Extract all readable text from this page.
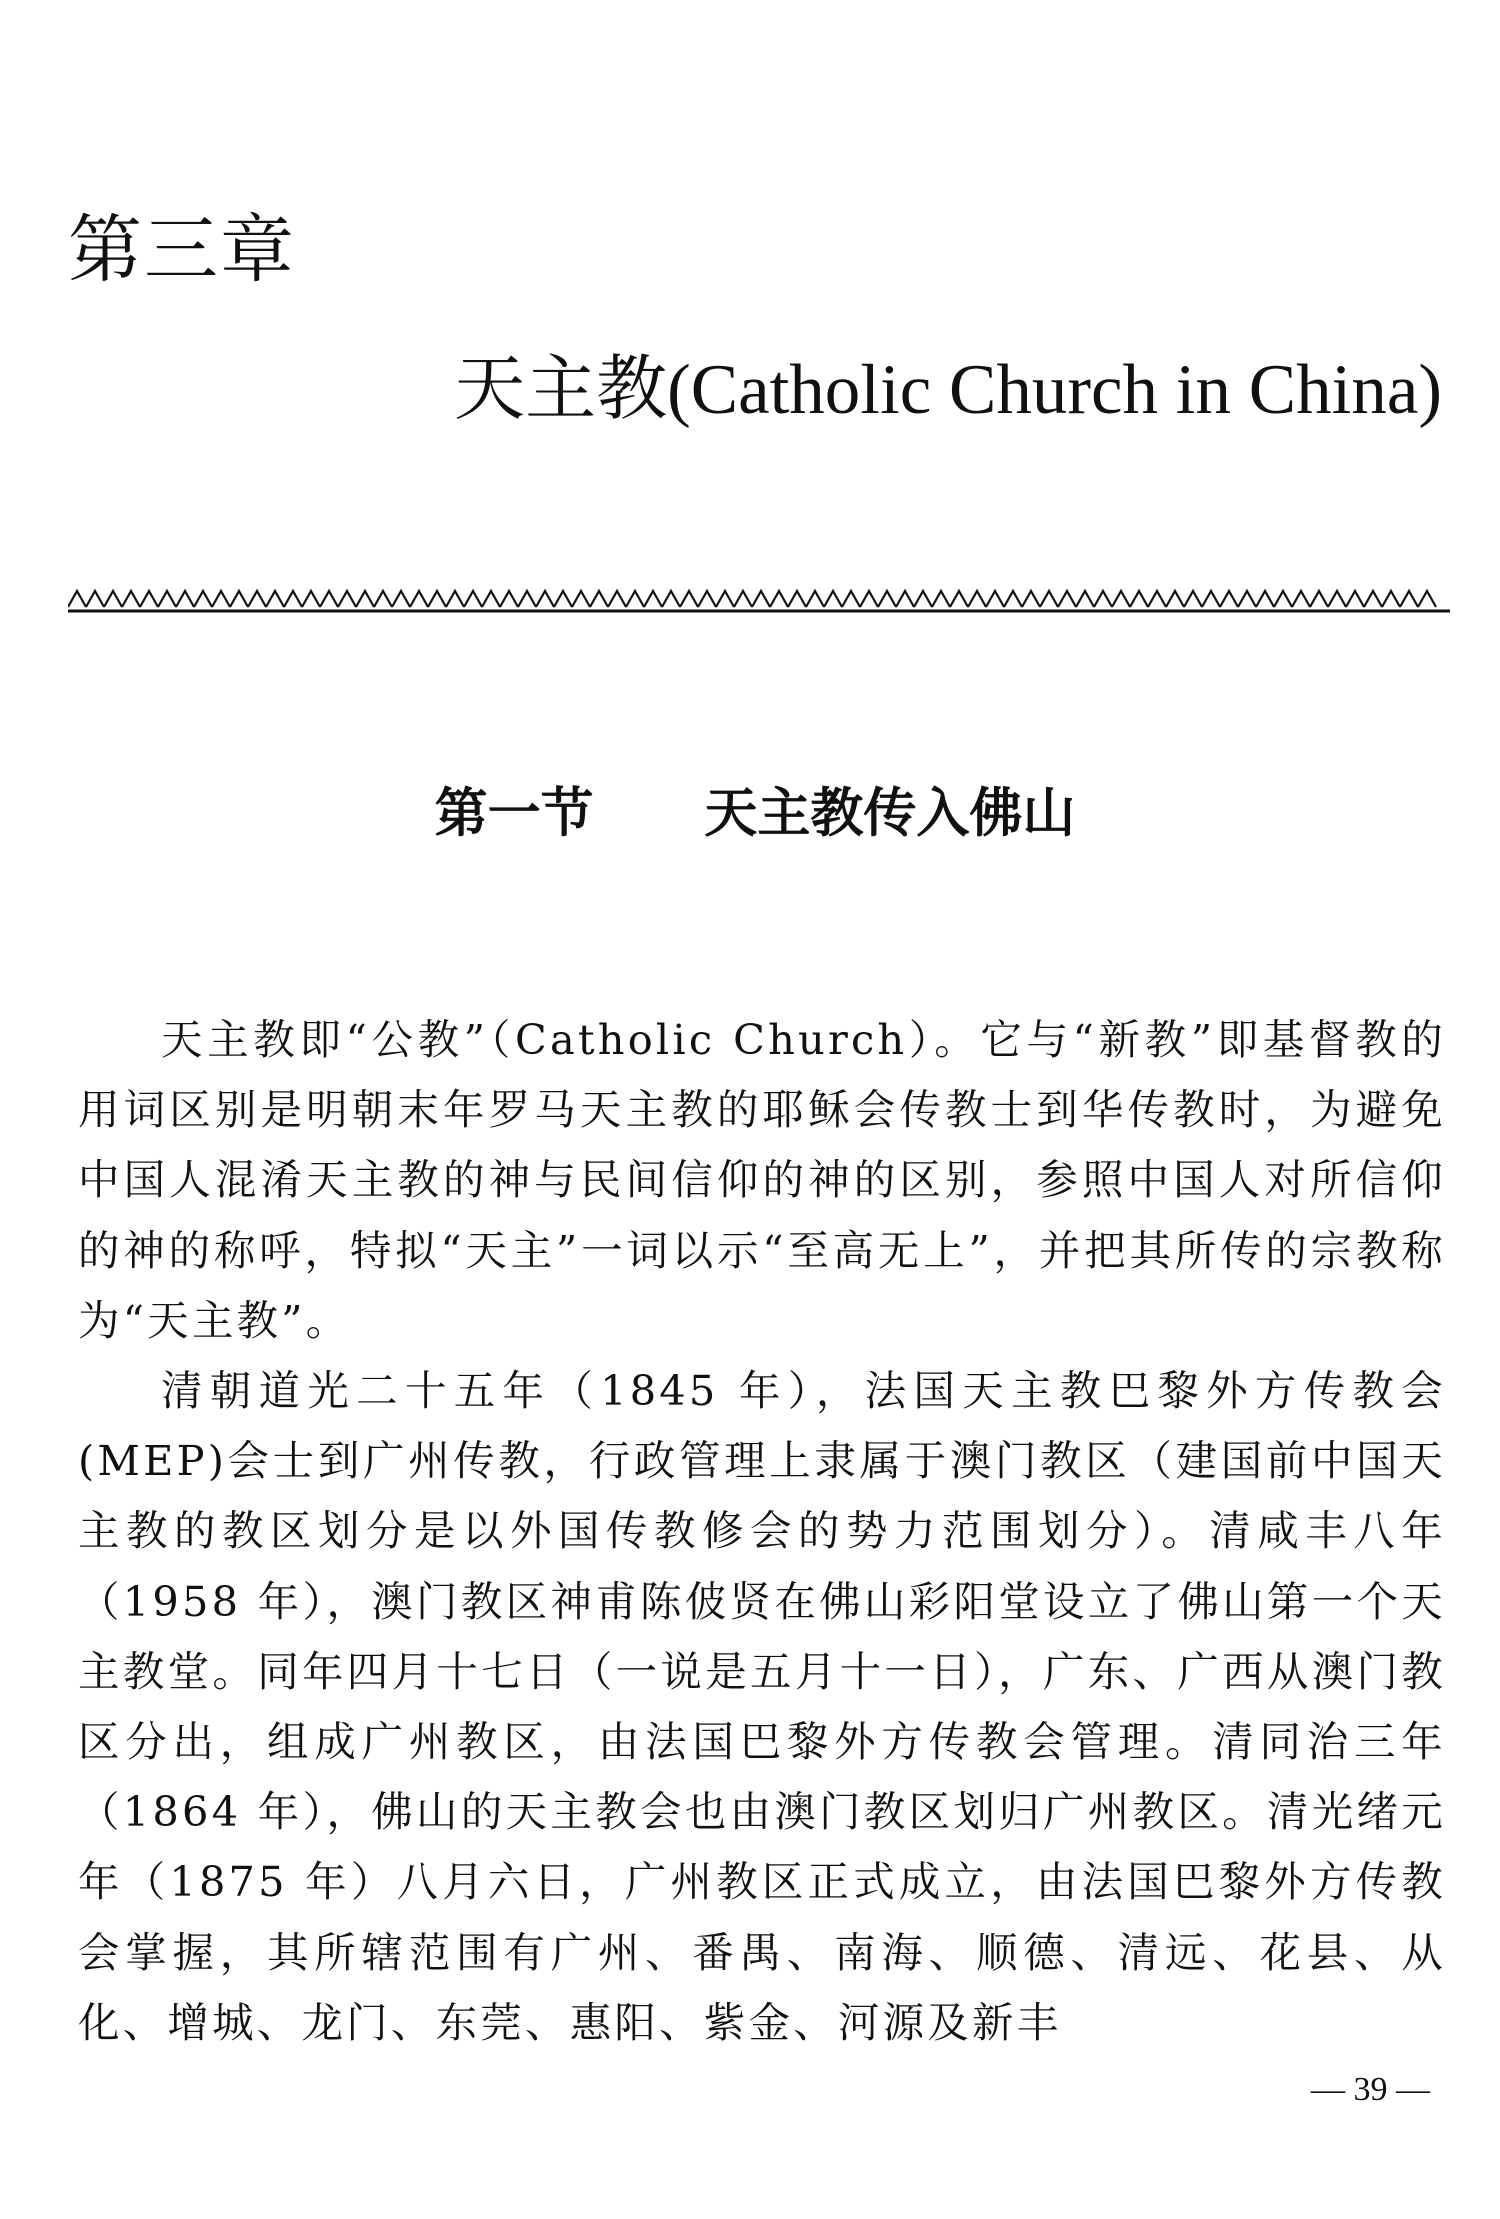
第三章
天主教(Catholic Church in China)
第一节      天主教传入佛山

天主教即“公教”（Catholic Church）。它与“新教”即基督教的用词区别是明朝末年罗马天主教的耶稣会传教士到华传教时，为避免中国人混淆天主教的神与民间信仰的神的区别，参照中国人对所信仰的神的称呼，特拟“天主”一词以示“至高无上”，并把其所传的宗教称为“天主教”。

清朝道光二十五年（1845 年），法国天主教巴黎外方传教会(MEP)会士到广州传教，行政管理上隶属于澳门教区（建国前中国天主教的教区划分是以外国传教修会的势力范围划分）。清咸丰八年（1958 年），澳门教区神甫陈佊贤在佛山彩阳堂设立了佛山第一个天主教堂。同年四月十七日（一说是五月十一日），广东、广西从澳门教区分出，组成广州教区，由法国巴黎外方传教会管理。清同治三年（1864 年），佛山的天主教会也由澳门教区划归广州教区。清光绪元年（1875 年）八月六日，广州教区正式成立，由法国巴黎外方传教会掌握，其所辖范围有广州、番禺、南海、顺德、清远、花县、从化、增城、龙门、东莞、惠阳、紫金、河源及新丰

— 39 —
